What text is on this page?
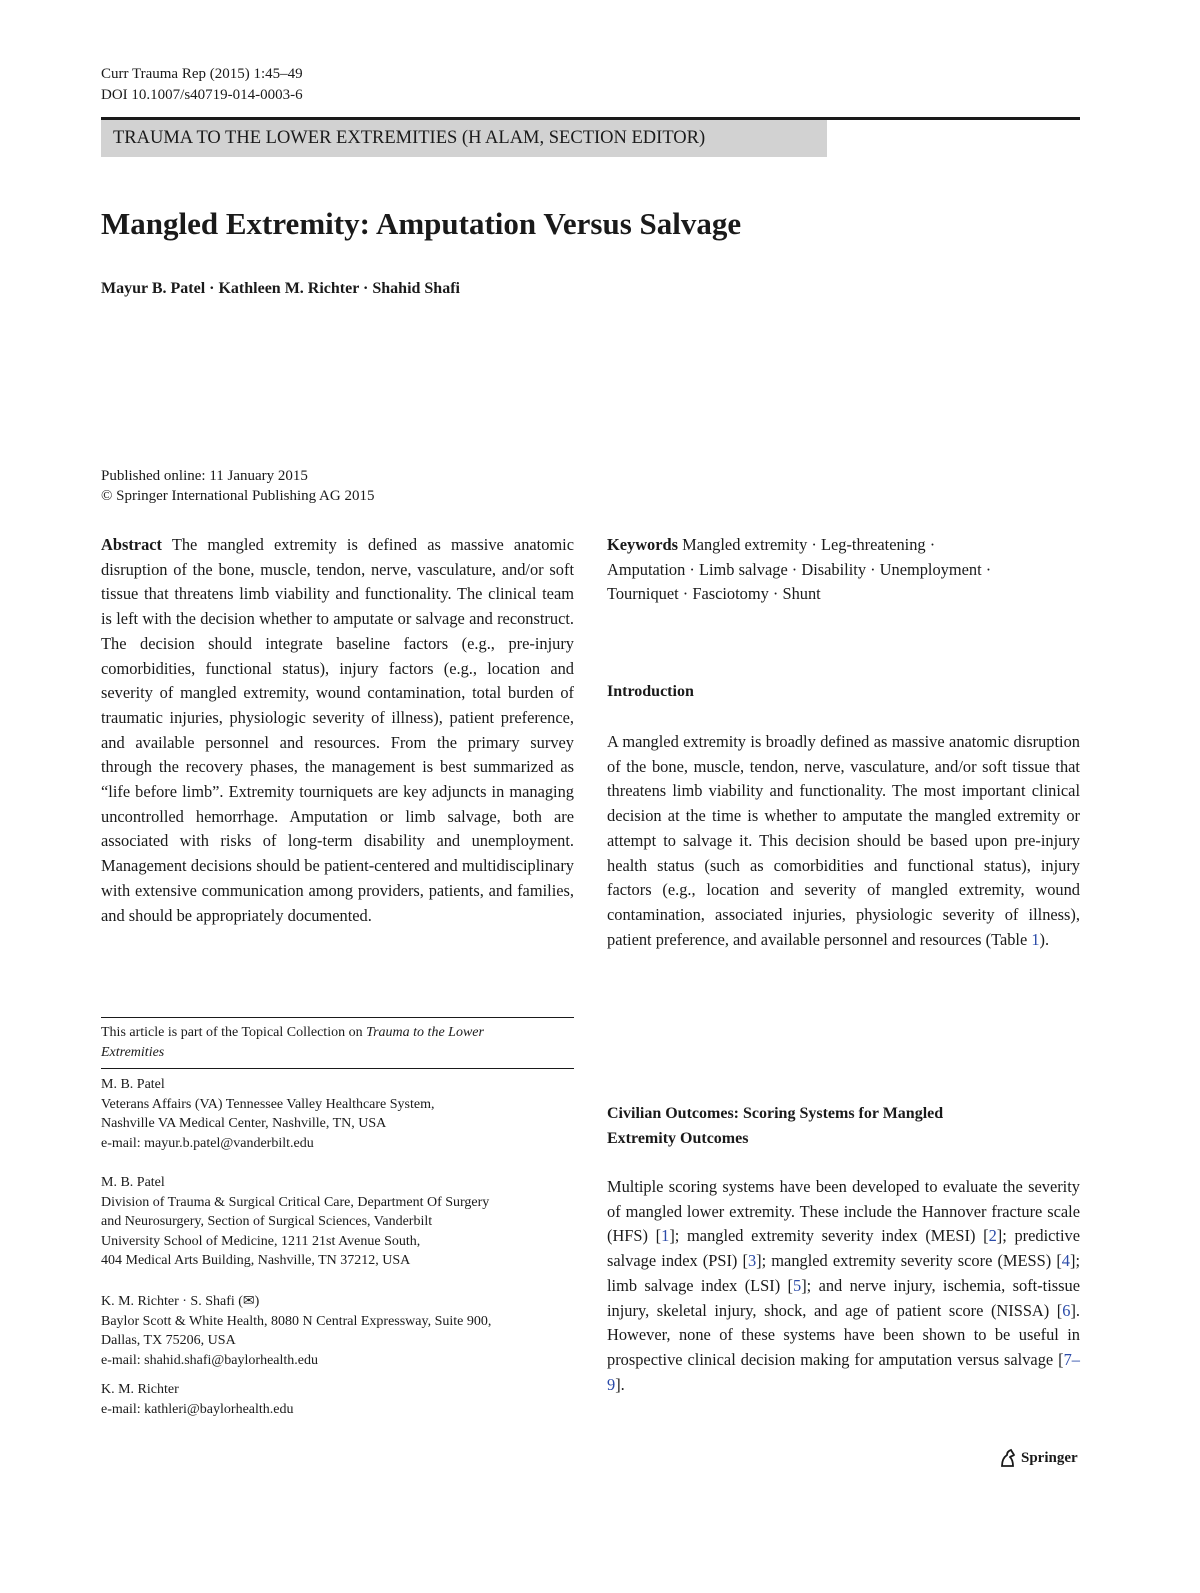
Curr Trauma Rep (2015) 1:45–49
DOI 10.1007/s40719-014-0003-6
TRAUMA TO THE LOWER EXTREMITIES (H ALAM, SECTION EDITOR)
Mangled Extremity: Amputation Versus Salvage
Mayur B. Patel · Kathleen M. Richter · Shahid Shafi
Published online: 11 January 2015
© Springer International Publishing AG 2015
Abstract The mangled extremity is defined as massive anatomic disruption of the bone, muscle, tendon, nerve, vasculature, and/or soft tissue that threatens limb viability and functionality. The clinical team is left with the decision whether to amputate or salvage and reconstruct. The decision should integrate baseline factors (e.g., pre-injury comorbidities, functional status), injury factors (e.g., location and severity of mangled extremity, wound contamination, total burden of traumatic injuries, physiologic severity of illness), patient preference, and available personnel and resources. From the primary survey through the recovery phases, the management is best summarized as “life before limb”. Extremity tourniquets are key adjuncts in managing uncontrolled hemorrhage. Amputation or limb salvage, both are associated with risks of long-term disability and unemployment. Management decisions should be patient-centered and multidisciplinary with extensive communication among providers, patients, and families, and should be appropriately documented.
This article is part of the Topical Collection on Trauma to the Lower
Extremities
M. B. Patel
Veterans Affairs (VA) Tennessee Valley Healthcare System,
Nashville VA Medical Center, Nashville, TN, USA
e-mail: mayur.b.patel@vanderbilt.edu
M. B. Patel
Division of Trauma & Surgical Critical Care, Department Of Surgery
and Neurosurgery, Section of Surgical Sciences, Vanderbilt
University School of Medicine, 1211 21st Avenue South,
404 Medical Arts Building, Nashville, TN 37212, USA
K. M. Richter · S. Shafi (✉)
Baylor Scott & White Health, 8080 N Central Expressway, Suite 900,
Dallas, TX 75206, USA
e-mail: shahid.shafi@baylorhealth.edu
K. M. Richter
e-mail: kathleri@baylorhealth.edu
Keywords Mangled extremity · Leg-threatening ·
Amputation · Limb salvage · Disability · Unemployment ·
Tourniquet · Fasciotomy · Shunt
Introduction
A mangled extremity is broadly defined as massive anatomic disruption of the bone, muscle, tendon, nerve, vasculature, and/or soft tissue that threatens limb viability and functionality. The most important clinical decision at the time is whether to amputate the mangled extremity or attempt to salvage it. This decision should be based upon pre-injury health status (such as comorbidities and functional status), injury factors (e.g., location and severity of mangled extremity, wound contamination, associated injuries, physiologic severity of illness), patient preference, and available personnel and resources (Table 1).
Civilian Outcomes: Scoring Systems for Mangled
Extremity Outcomes
Multiple scoring systems have been developed to evaluate the severity of mangled lower extremity. These include the Hannover fracture scale (HFS) [1]; mangled extremity severity index (MESI) [2]; predictive salvage index (PSI) [3]; mangled extremity severity score (MESS) [4]; limb salvage index (LSI) [5]; and nerve injury, ischemia, soft-tissue injury, skeletal injury, shock, and age of patient score (NISSA) [6]. However, none of these systems have been shown to be useful in prospective clinical decision making for amputation versus salvage [7–9].
Springer
